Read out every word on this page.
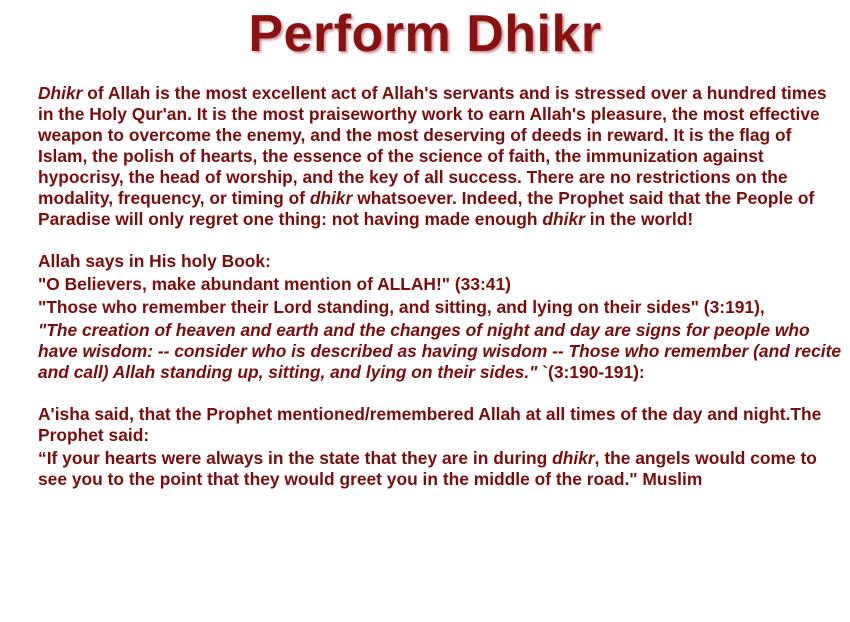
Perform Dhikr

Dhikr of Allah is the most excellent act of Allah's servants and is stressed over a hundred times in the Holy Qur'an. It is the most praiseworthy work to earn Allah's pleasure, the most effective weapon to overcome the enemy, and the most deserving of deeds in reward. It is the flag of Islam, the polish of hearts, the essence of the science of faith, the immunization against hypocrisy, the head of worship, and the key of all success. There are no restrictions on the modality, frequency, or timing of dhikr whatsoever. Indeed, the Prophet said that the People of Paradise will only regret one thing: not having made enough dhikr in the world!

Allah says in His holy Book:

"O Believers, make abundant mention of ALLAH!" (33:41)

"Those who remember their Lord standing, and sitting, and lying on their sides" (3:191),

"The creation of heaven and earth and the changes of night and day are signs for people who have wisdom: -- consider who is described as having wisdom -- Those who remember (and recite and call) Allah standing up, sitting, and lying on their sides." `(3:190-191):

A'isha said, that the Prophet mentioned/remembered Allah at all times of the day and night.The Prophet said:

“If your hearts were always in the state that they are in during dhikr, the angels would come to see you to the point that they would greet you in the middle of the road." Muslim
